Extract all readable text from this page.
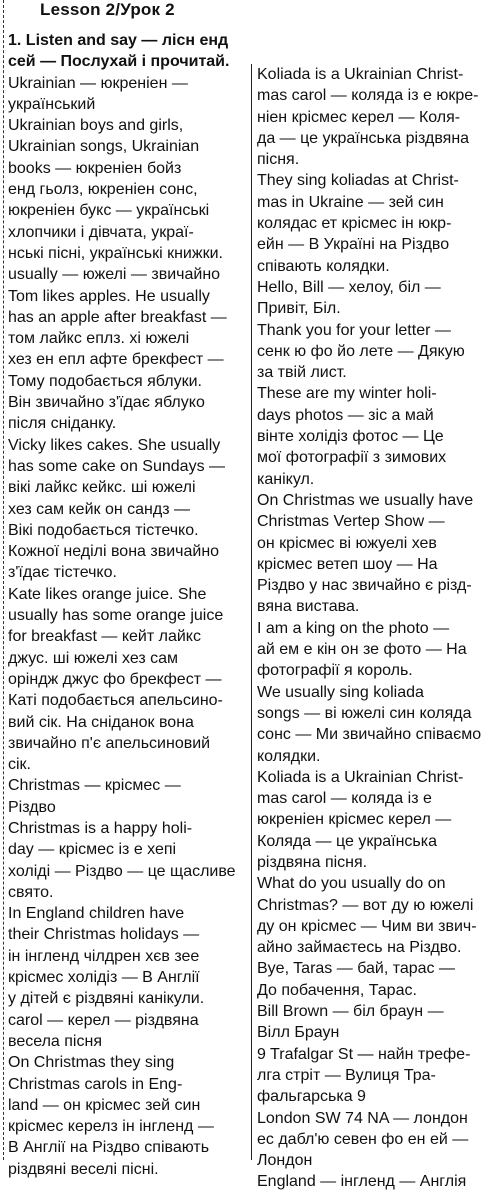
Lesson 2/Урок 2
1. Listen and say — лісн енд
сей — Послухай і прочитай.
Ukrainian — юкреніен —
український
Ukrainian boys and girls,
Ukrainian songs, Ukrainian
books — юкреніен бойз
енд гьолз, юкреніен сонс,
юкреніен букс — українські
хлопчики і дівчата, украї-
нські пісні, українські книжки.
usually — южелі — звичайно
Tom likes apples. He usually
has an apple after breakfast —
том лайкс еплз. хі южелі
хез ен епл афте брекфест —
Тому подобається яблуки.
Він звичайно з'їдає яблуко
після сніданку.
Vicky likes cakes. She usually
has some cake on Sundays —
вікі лайкс кейкс. ші южелі
хез сам кейк он сандз —
Вікі подобається тістечко.
Кожної неділі вона звичайно
з'їдає тістечко.
Kate likes orange juice. She
usually has some orange juice
for breakfast — кейт лайкс
джус. ші южелі хез сам
оріндж джус фо брекфест —
Каті подобається апельсино-
вий сік. На сніданок вона
звичайно п'є апельсиновий
сік.
Christmas — крісмес —
Різдво
Christmas is a happy holi-
day — крісмес із е хепі
холіді — Різдво — це щасливе
свято.
In England children have
their Christmas holidays —
ін інгленд чілдрен хєв зее
крісмес холідіз — В Англії
у дітей є різдвяні канікули.
carol — керел — різдвяна
весела пісня
On Christmas they sing
Christmas carols in Eng-
land — он крісмес зей син
крісмес керелз ін інгленд —
В Англії на Різдво співають
різдвяні веселі пісні.
Koliada is a Ukrainian Christ-
mas carol — коляда із е юкре-
ніен крісмес керел — Коля-
да — це українська різдвяна
пісня.
They sing koliadas at Christ-
mas in Ukraine — зей син
колядас ет крісмес ін юкр-
ейн — В Україні на Різдво
співають колядки.
Hello, Bill — хелоу, біл —
Привіт, Біл.
Thank you for your letter —
сенк ю фо йо лете — Дякую
за твій лист.
These are my winter holi-
days photos — зіс а май
вінте холідіз фотос — Це
мої фотографії з зимових
канікул.
On Christmas we usually have
Christmas Vertep Show —
он крісмес ві южуелі хев
крісмес ветеп шоу — На
Різдво у нас звичайно є різд-
вяна вистава.
I am a king on the photo —
ай ем е кін он зе фото — На
фотографії я король.
We usually sing koliada
songs — ві южелі син коляда
сонс — Ми звичайно співаємо
колядки.
Koliada is a Ukrainian Christ-
mas carol — коляда із е
юкреніен крісмес керел —
Коляда — це українська
різдвяна пісня.
What do you usually do on
Christmas? — вот ду ю южелі
ду он крісмес — Чим ви звич-
айно займаєтесь на Різдво.
Bye, Taras — бай, тарас —
До побачення, Тарас.
Bill Brown — біл браун —
Вілл Браун
9 Trafalgar St — найн трефе-
лга стріт — Вулиця Тра-
фальгарська 9
London SW 74 NA — лондон
ес дабл'ю севен фо ен ей —
Лондон
England — інгленд — Англія
